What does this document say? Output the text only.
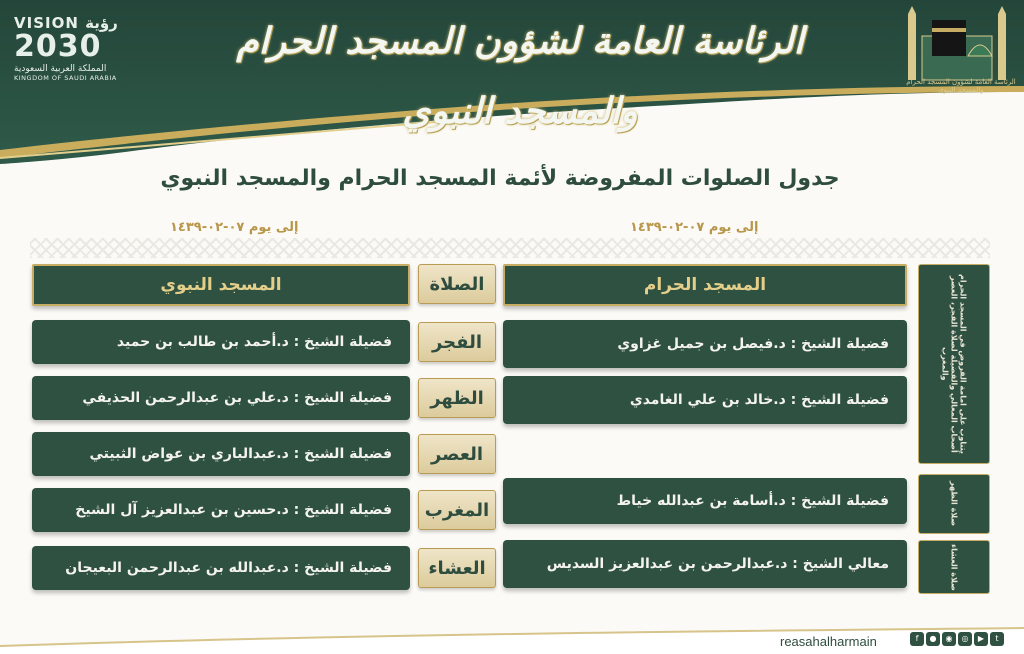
VISION رؤية
2030
المملكة العربية السعودية
KINGDOM OF SAUDI ARABIA
الرئاسة العامة لشؤون المسجد الحرام والمسجد النبوي
الرئاسة العامة لشؤون المسجد الحرام والمسجد النبوي
جدول الصلوات المفروضة لأئمة المسجد الحرام والمسجد النبوي
إلى يوم ٠٧-٠٢-١٤٣٩	إلى يوم ٠٧-٠٢-١٤٣٩
المسجد النبوي	الصلاة	المسجد الحرام
فضيلة الشيخ : د.أحمد بن طالب بن حميد	الفجر	فضيلة الشيخ : د.فيصل بن جميل غزاوي
فضيلة الشيخ : د.علي بن عبدالرحمن الحذيفي	الظهر	فضيلة الشيخ : د.خالد بن علي الغامدي
فضيلة الشيخ : د.عبدالباري بن عواض الثبيتي	العصر
فضيلة الشيخ : د.حسين بن عبدالعزيز آل الشيخ	المغرب	فضيلة الشيخ : د.أسامة بن عبدالله خياط
فضيلة الشيخ : د.عبدالله بن عبدالرحمن البعيجان	العشاء	معالي الشيخ : د.عبدالرحمن بن عبدالعزيز السديس
يتناوب على امامة الفروض في المسجد الحرام أصحاب المعالي والفضيلة لصلاة الفجر، العصر والمغرب
صلاة الظهر
صلاة العشاء
reasahalharmain	f	●	◉	◎	▶	t
